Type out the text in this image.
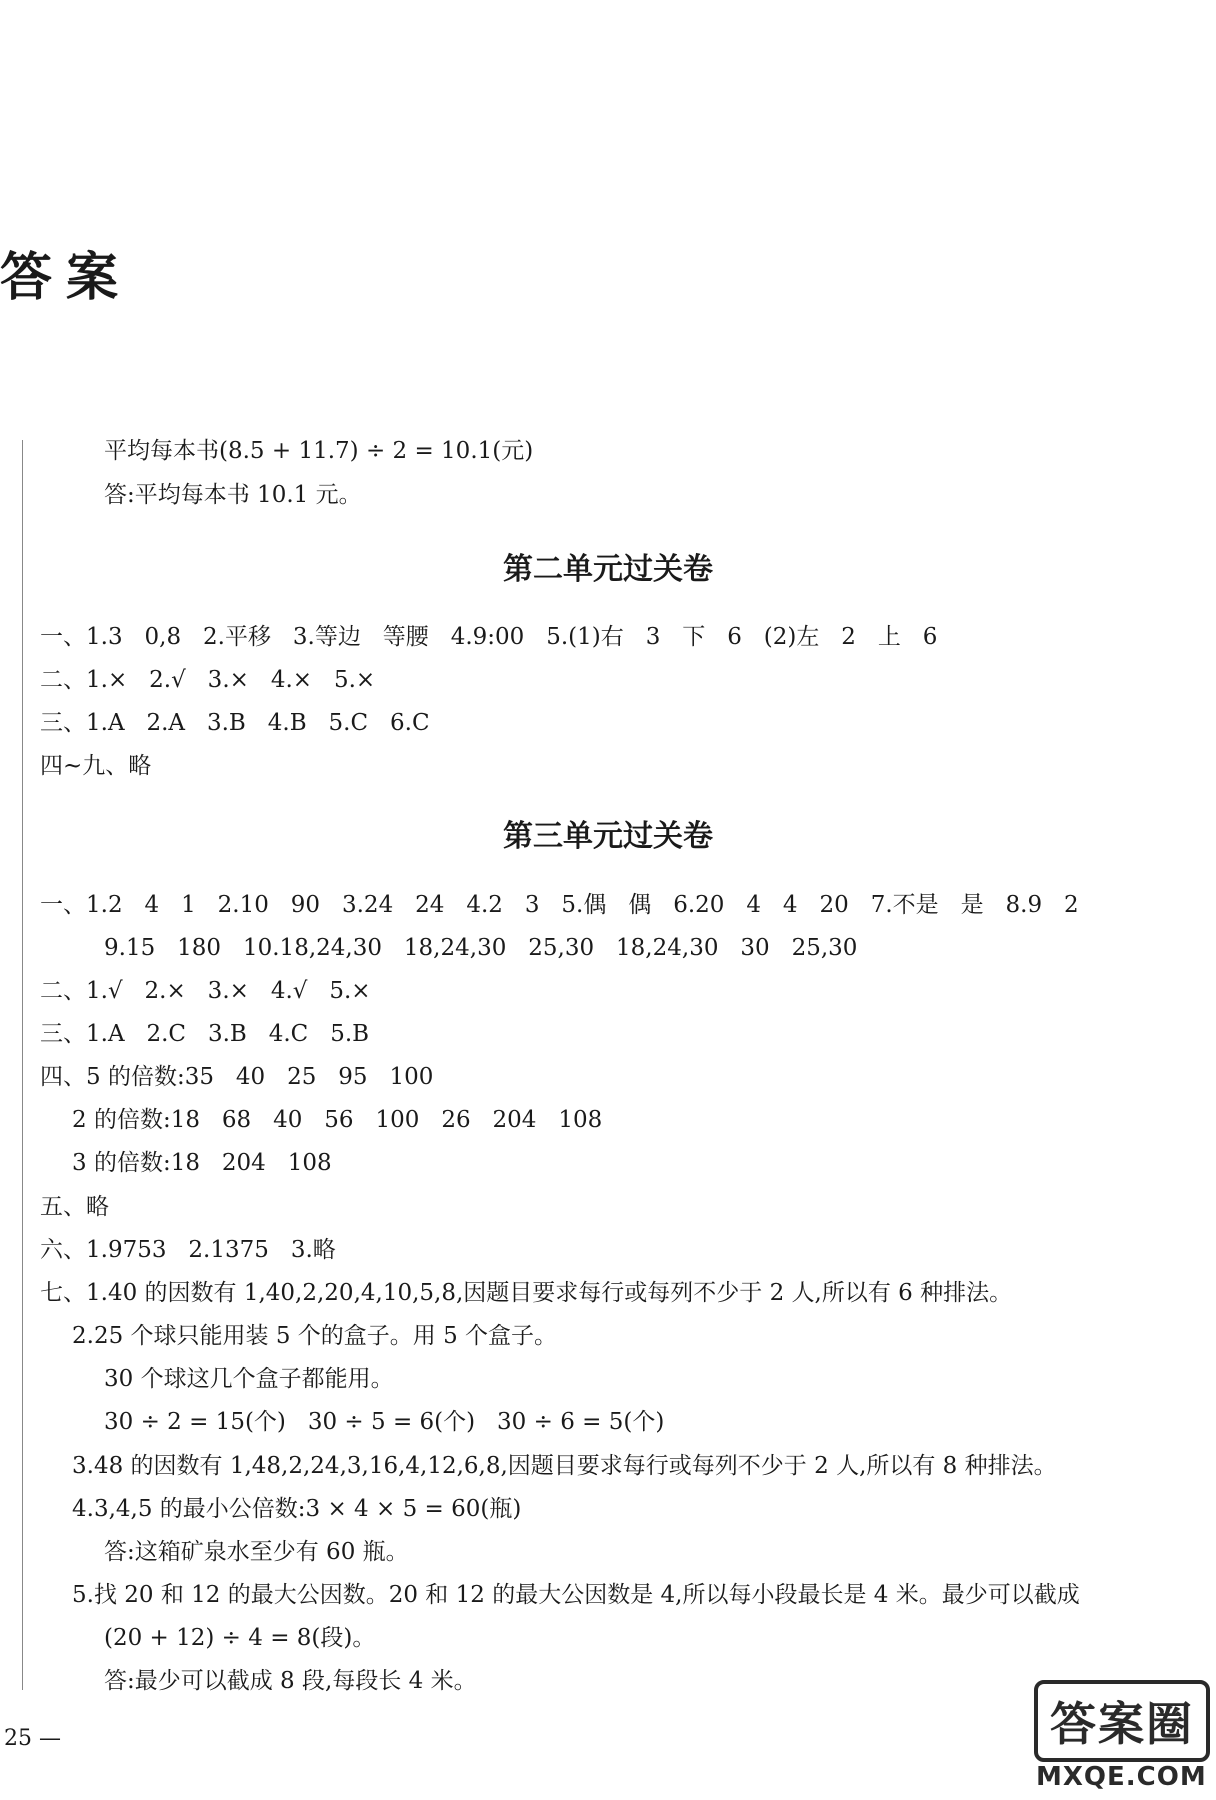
答案
平均每本书(8.5 + 11.7) ÷ 2 = 10.1(元)
答:平均每本书 10.1 元。
第二单元过关卷
一、1.3   0,8   2.平移   3.等边   等腰   4.9:00   5.(1)右   3   下   6   (2)左   2   上   6
二、1.×   2.√   3.×   4.×   5.×
三、1.A   2.A   3.B   4.B   5.C   6.C
四~九、略
第三单元过关卷
一、1.2   4   1   2.10   90   3.24   24   4.2   3   5.偶   偶   6.20   4   4   20   7.不是   是   8.9   2
9.15   180   10.18,24,30   18,24,30   25,30   18,24,30   30   25,30
二、1.√   2.×   3.×   4.√   5.×
三、1.A   2.C   3.B   4.C   5.B
四、5 的倍数:35   40   25   95   100
2 的倍数:18   68   40   56   100   26   204   108
3 的倍数:18   204   108
五、略
六、1.9753   2.1375   3.略
七、1.40 的因数有 1,40,2,20,4,10,5,8,因题目要求每行或每列不少于 2 人,所以有 6 种排法。
2.25 个球只能用装 5 个的盒子。用 5 个盒子。
30 个球这几个盒子都能用。
30 ÷ 2 = 15(个)   30 ÷ 5 = 6(个)   30 ÷ 6 = 5(个)
3.48 的因数有 1,48,2,24,3,16,4,12,6,8,因题目要求每行或每列不少于 2 人,所以有 8 种排法。
4.3,4,5 的最小公倍数:3 × 4 × 5 = 60(瓶)
答:这箱矿泉水至少有 60 瓶。
5.找 20 和 12 的最大公因数。20 和 12 的最大公因数是 4,所以每小段最长是 4 米。最少可以截成
(20 + 12) ÷ 4 = 8(段)。
答:最少可以截成 8 段,每段长 4 米。
25 —	答案圈
MXQE.COM
